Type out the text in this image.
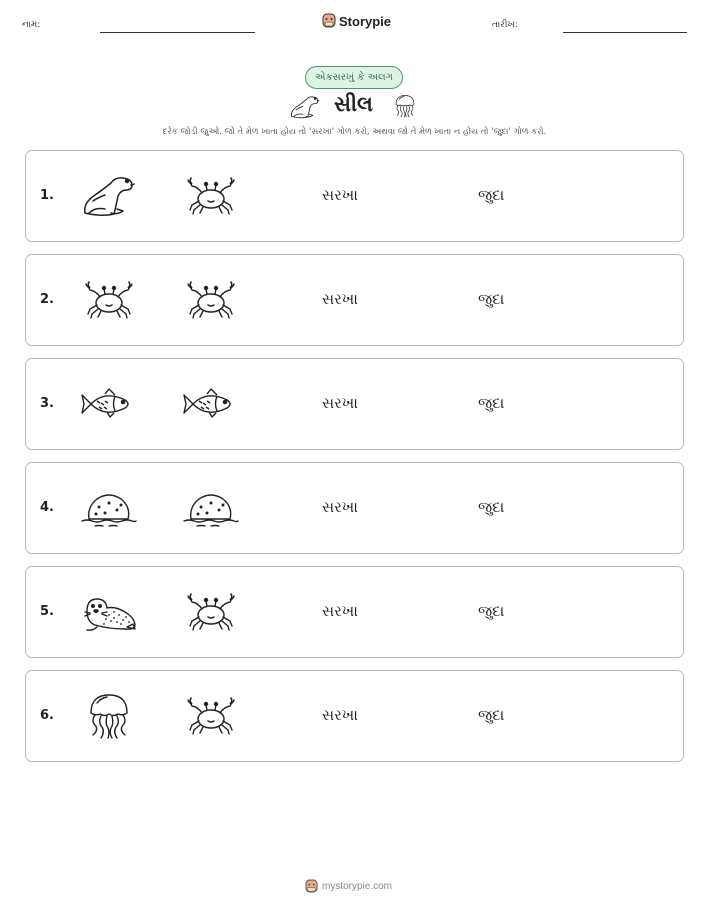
નામ:	Storypie	તારીખ:
એકસરખું કે અલગ
સીલ
દરેક જોડી જુઓ. જો તે મેળ ખાતા હોય તો 'સરખા' ગોળ કરો, અથવા જો તે મેળ ખાતા ન હોય તો 'જુદા' ગોળ કરો.
1.	સરખા	જુદા
2.	સરખા	જુદા
3.	સરખા	જુદા
4.	સરખા	જુદા
5.	સરખા	જુદા
6.	સરખા	જુદા
mystorypie.com
